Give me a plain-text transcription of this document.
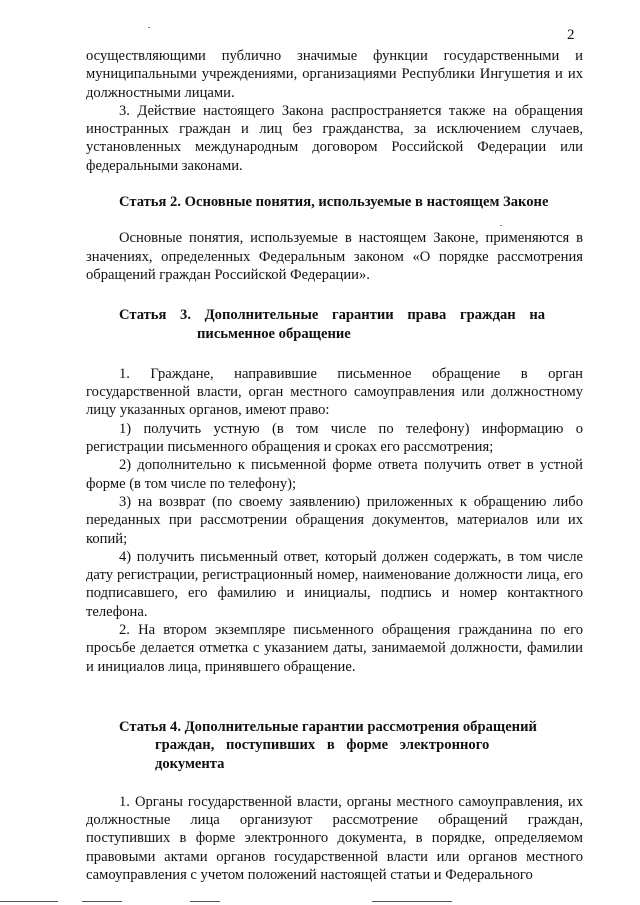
2

осуществляющими публично значимые функции государственными и муниципальными учреждениями, организациями Республики Ингушетия и их должностными лицами.

3. Действие настоящего Закона распространяется также на обращения иностранных граждан и лиц без гражданства, за исключением случаев, установленных международным договором Российской Федерации или федеральными законами.

Статья 2. Основные понятия, используемые в настоящем Законе

Основные понятия, используемые в настоящем Законе, применяются в значениях, определенных Федеральным законом «О порядке рассмотрения обращений граждан Российской Федерации».

Статья 3. Дополнительные гарантии права граждан на

письменное обращение

1. Граждане, направившие письменное обращение в орган государственной власти, орган местного самоуправления или должностному лицу указанных органов, имеют право:

1) получить устную (в том числе по телефону) информацию о регистрации письменного обращения и сроках его рассмотрения;

2) дополнительно к письменной форме ответа получить ответ в устной форме (в том числе по телефону);

3) на возврат (по своему заявлению) приложенных к обращению либо переданных при рассмотрении обращения документов, материалов или их копий;

4) получить письменный ответ, который должен содержать, в том числе дату регистрации, регистрационный номер, наименование должности лица, его подписавшего, его фамилию и инициалы, подпись и номер контактного телефона.

2. На втором экземпляре письменного обращения гражданина по его просьбе делается отметка с указанием даты, занимаемой должности, фамилии и инициалов лица, принявшего обращение.

Статья 4. Дополнительные гарантии рассмотрения обращений

граждан, поступивших в форме электронного

документа

1. Органы государственной власти, органы местного самоуправления, их должностные лица организуют рассмотрение обращений граждан, поступивших в форме электронного документа, в порядке, определяемом правовыми актами органов государственной власти или органов местного самоуправления с учетом положений настоящей статьи и Федерального
